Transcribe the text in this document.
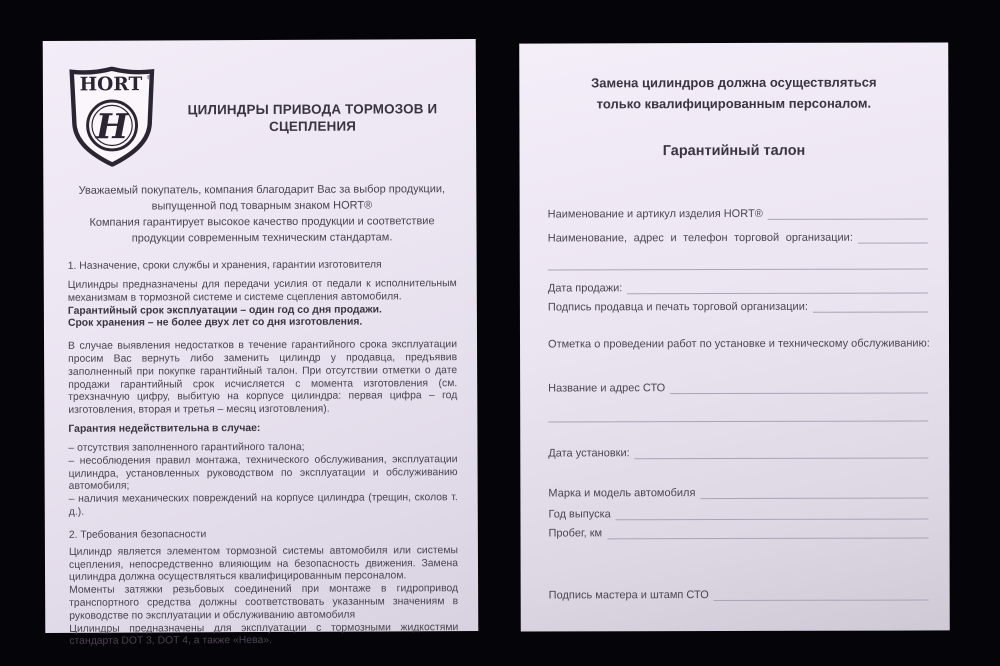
HORT ®
H	ЦИЛИНДРЫ ПРИВОДА ТОРМОЗОВ И СЦЕПЛЕНИЯ
Уважаемый покупатель, компания благодарит Вас за выбор продукции,
выпущенной под товарным знаком HORT®
Компания гарантирует высокое качество продукции и соответствие
продукции современным техническим стандартам.
1. Назначение, сроки службы и хранения, гарантии изготовителя

Цилиндры предназначены для передачи усилия от педали к исполнительным механизмам в тормозной системе и системе сцепления автомобиля.

Гарантийный срок эксплуатации – один год со дня продажи.

Срок хранения – не более двух лет со дня изготовления.

В случае выявления недостатков в течение гарантийного срока эксплуатации просим Вас вернуть либо заменить цилиндр у продавца, предъявив заполненный при покупке гарантийный талон. При отсутствии отметки о дате продажи гарантийный срок исчисляется с момента изготовления (см. трехзначную цифру, выбитую на корпусе цилиндра: первая цифра – год изготовления, вторая и третья – месяц изготовления).
Гарантия недействительна в случае:

– отсутствия заполненного гарантийного талона;

– несоблюдения правил монтажа, технического обслуживания, эксплуатации цилиндра, установленных руководством по эксплуатации и обслуживанию автомобиля;

– наличия механических повреждений на корпусе цилиндра (трещин, сколов т. д.).

2. Требования безопасности

Цилиндр является элементом тормозной системы автомобиля или системы сцепления, непосредственно влияющим на безопасность движения. Замена цилиндра должна осуществляться квалифицированным персоналом.

Моменты затяжки резьбовых соединений при монтаже в гидропривод транспортного средства должны соответствовать указанным значениям в руководстве по эксплуатации и обслуживанию автомобиля

Цилиндры предназначены для эксплуатации с тормозными жидкостями стандарта DOT 3, DOT 4, а также «Нева».

Замена цилиндров должна осуществляться
только квалифицированным персоналом.
Гарантийный талон
Наименование и артикул изделия HORT®
Наименование, адрес и телефон торговой организации:
Дата продажи:
Подпись продавца и печать торговой организации:
Отметка о проведении работ по установке и техническому обслуживанию:
Название и адрес СТО
Дата установки:
Марка и модель автомобиля
Год выпуска
Пробег, км
Подпись мастера и штамп СТО
